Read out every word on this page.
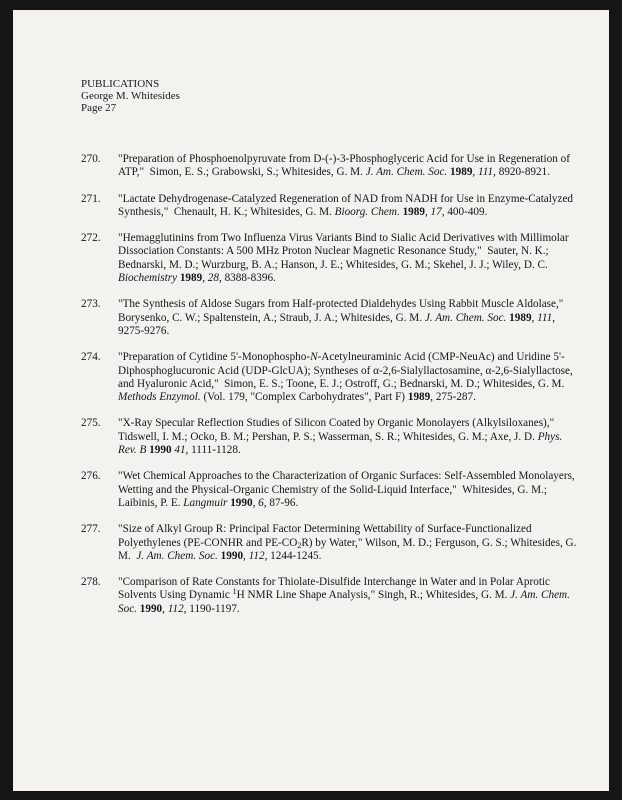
PUBLICATIONS
George M. Whitesides
Page 27
270. "Preparation of Phosphoenolpyruvate from D-(-)-3-Phosphoglyceric Acid for Use in Regeneration of ATP," Simon, E. S.; Grabowski, S.; Whitesides, G. M. J. Am. Chem. Soc. 1989, 111, 8920-8921.
271. "Lactate Dehydrogenase-Catalyzed Regeneration of NAD from NADH for Use in Enzyme-Catalyzed Synthesis," Chenault, H. K.; Whitesides, G. M. Bioorg. Chem. 1989, 17, 400-409.
272. "Hemagglutinins from Two Influenza Virus Variants Bind to Sialic Acid Derivatives with Millimolar Dissociation Constants: A 500 MHz Proton Nuclear Magnetic Resonance Study," Sauter, N. K.; Bednarski, M. D.; Wurzburg, B. A.; Hanson, J. E.; Whitesides, G. M.; Skehel, J. J.; Wiley, D. C. Biochemistry 1989, 28, 8388-8396.
273. "The Synthesis of Aldose Sugars from Half-protected Dialdehydes Using Rabbit Muscle Aldolase,"  Borysenko, C. W.; Spaltenstein, A.; Straub, J. A.; Whitesides, G. M. J. Am. Chem. Soc. 1989, 111, 9275-9276.
274. "Preparation of Cytidine 5'-Monophospho-N-Acetylneuraminic Acid (CMP-NeuAc) and Uridine 5'-Diphosphoglucuronic Acid (UDP-GlcUA); Syntheses of α-2,6-Sialyllactosamine, α-2,6-Sialyllactose, and Hyaluronic Acid," Simon, E. S.; Toone, E. J.; Ostroff, G.; Bednarski, M. D.; Whitesides, G. M. Methods Enzymol. (Vol. 179, "Complex Carbohydrates", Part F) 1989, 275-287.
275. "X-Ray Specular Reflection Studies of Silicon Coated by Organic Monolayers (Alkylsiloxanes),"  Tidswell, I. M.; Ocko, B. M.; Pershan, P. S.; Wasserman, S. R.; Whitesides, G. M.; Axe, J. D. Phys. Rev. B 1990 41, 1111-1128.
276. "Wet Chemical Approaches to the Characterization of Organic Surfaces: Self-Assembled Monolayers, Wetting and the Physical-Organic Chemistry of the Solid-Liquid Interface," Whitesides, G. M.; Laibinis, P. E. Langmuir 1990, 6, 87-96.
277. "Size of Alkyl Group R: Principal Factor Determining Wettability of Surface-Functionalized Polyethylenes (PE-CONHR and $PE-CO_2R$) by Water," Wilson, M. D.; Ferguson, G. S.; Whitesides, G. M. J. Am. Chem. Soc. 1990, 112, 1244-1245.
278. "Comparison of Rate Constants for Thiolate-Disulfide Interchange in Water and in Polar Aprotic Solvents Using Dynamic $^1$H NMR Line Shape Analysis," Singh, R.; Whitesides, G. M. J. Am. Chem. Soc. 1990, 112, 1190-1197.
